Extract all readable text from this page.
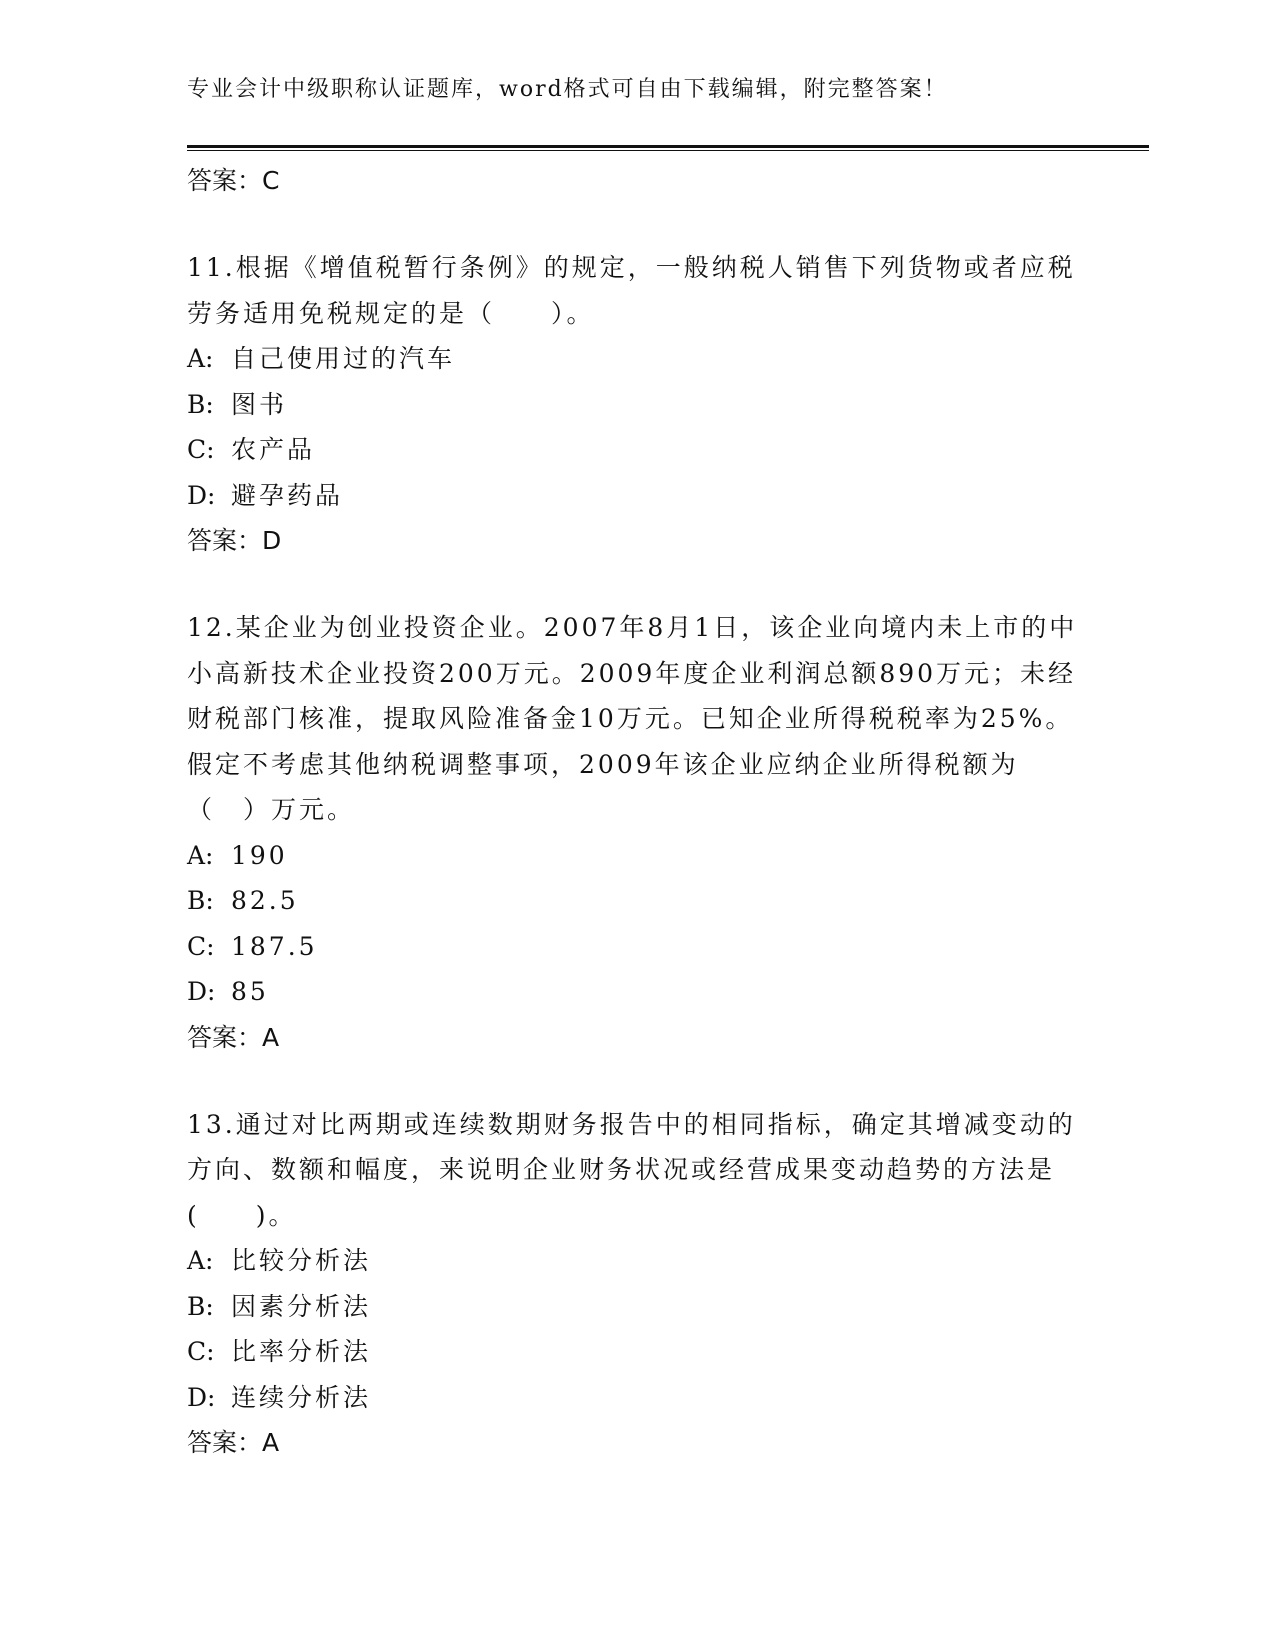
专业会计中级职称认证题库，word格式可自由下载编辑，附完整答案！
答案：C

11.根据《增值税暂行条例》的规定，一般纳税人销售下列货物或者应税劳务适用免税规定的是（　　）。

A: 自己使用过的汽车
B: 图书
C: 农产品
D: 避孕药品
答案：D

12.某企业为创业投资企业。2007年8月1日，该企业向境内未上市的中小高新技术企业投资200万元。2009年度企业利润总额890万元；未经财税部门核准，提取风险准备金10万元。已知企业所得税税率为25%。假定不考虑其他纳税调整事项，2009年该企业应纳企业所得税额为（　）万元。

A: 190
B: 82.5
C: 187.5
D: 85
答案：A

13.通过对比两期或连续数期财务报告中的相同指标，确定其增减变动的方向、数额和幅度，来说明企业财务状况或经营成果变动趋势的方法是(　　)。

A: 比较分析法
B: 因素分析法
C: 比率分析法
D: 连续分析法
答案：A
